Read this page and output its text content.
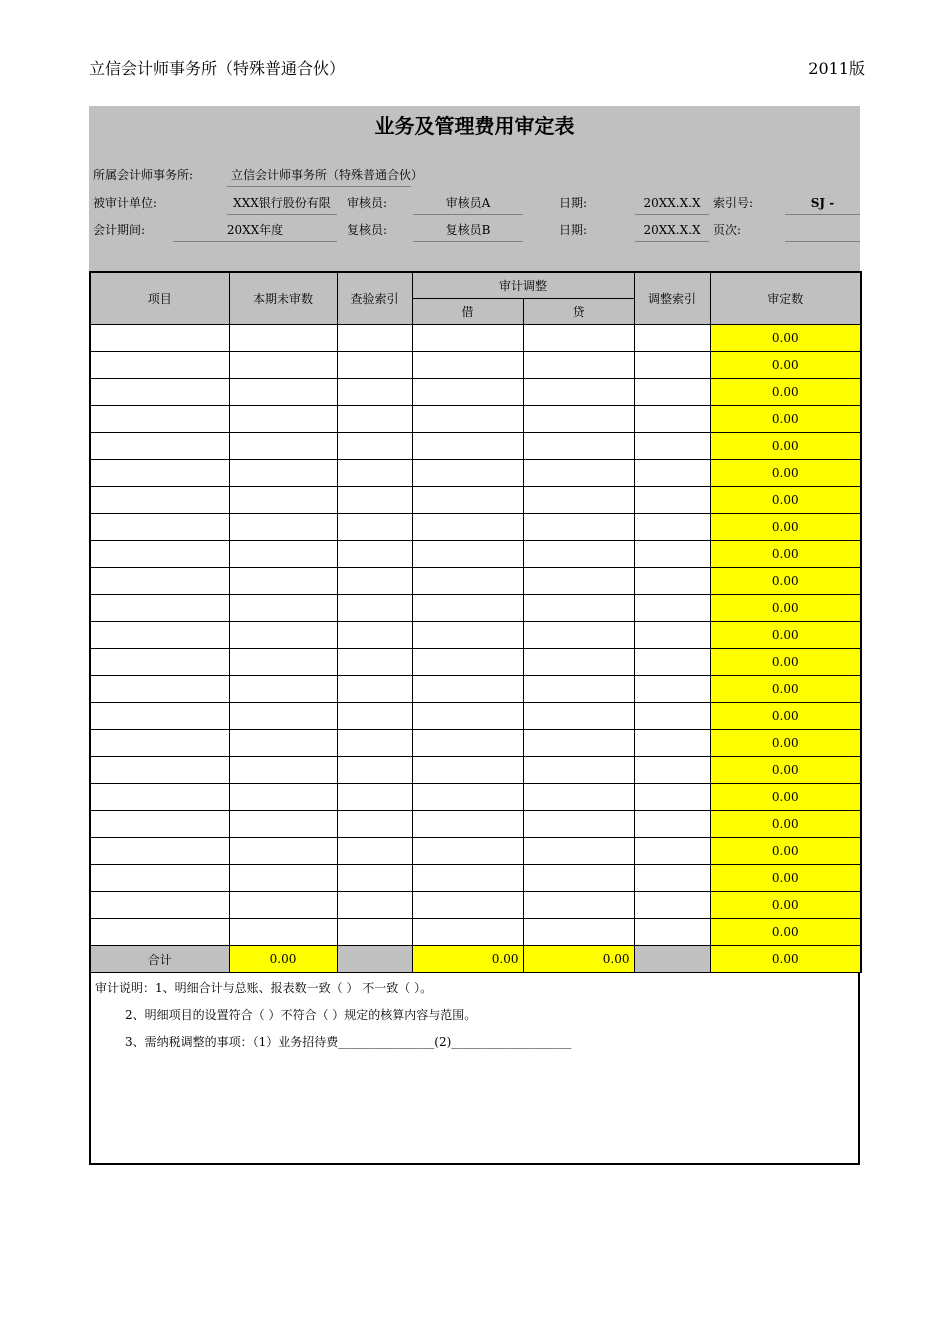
立信会计师事务所（特殊普通合伙）	2011版
业务及管理费用审定表
所属会计师事务所:	立信会计师事务所（特殊普通合伙）
被审计单位:	XXX银行股份有限	审核员:	审核员A	日期:	20XX.X.X	索引号:	SJ -
会计期间:	20XX年度	复核员:	复核员B	日期:	20XX.X.X	页次:
项目	本期未审数	查验索引	审计调整		调整索引	审定数
			借	贷		
						0.00
						0.00
						0.00
						0.00
						0.00
						0.00
						0.00
						0.00
						0.00
						0.00
						0.00
						0.00
						0.00
						0.00
						0.00
						0.00
						0.00
						0.00
						0.00
						0.00
						0.00
						0.00
						0.00
合计	0.00		0.00	0.00		0.00
审计说明：1、明细合计与总账、报表数一致（ ） 不一致（ ）。
2、明细项目的设置符合（ ）不符合（ ）规定的核算内容与范围。
3、需纳税调整的事项：（1）业务招待费________________(2)____________________
